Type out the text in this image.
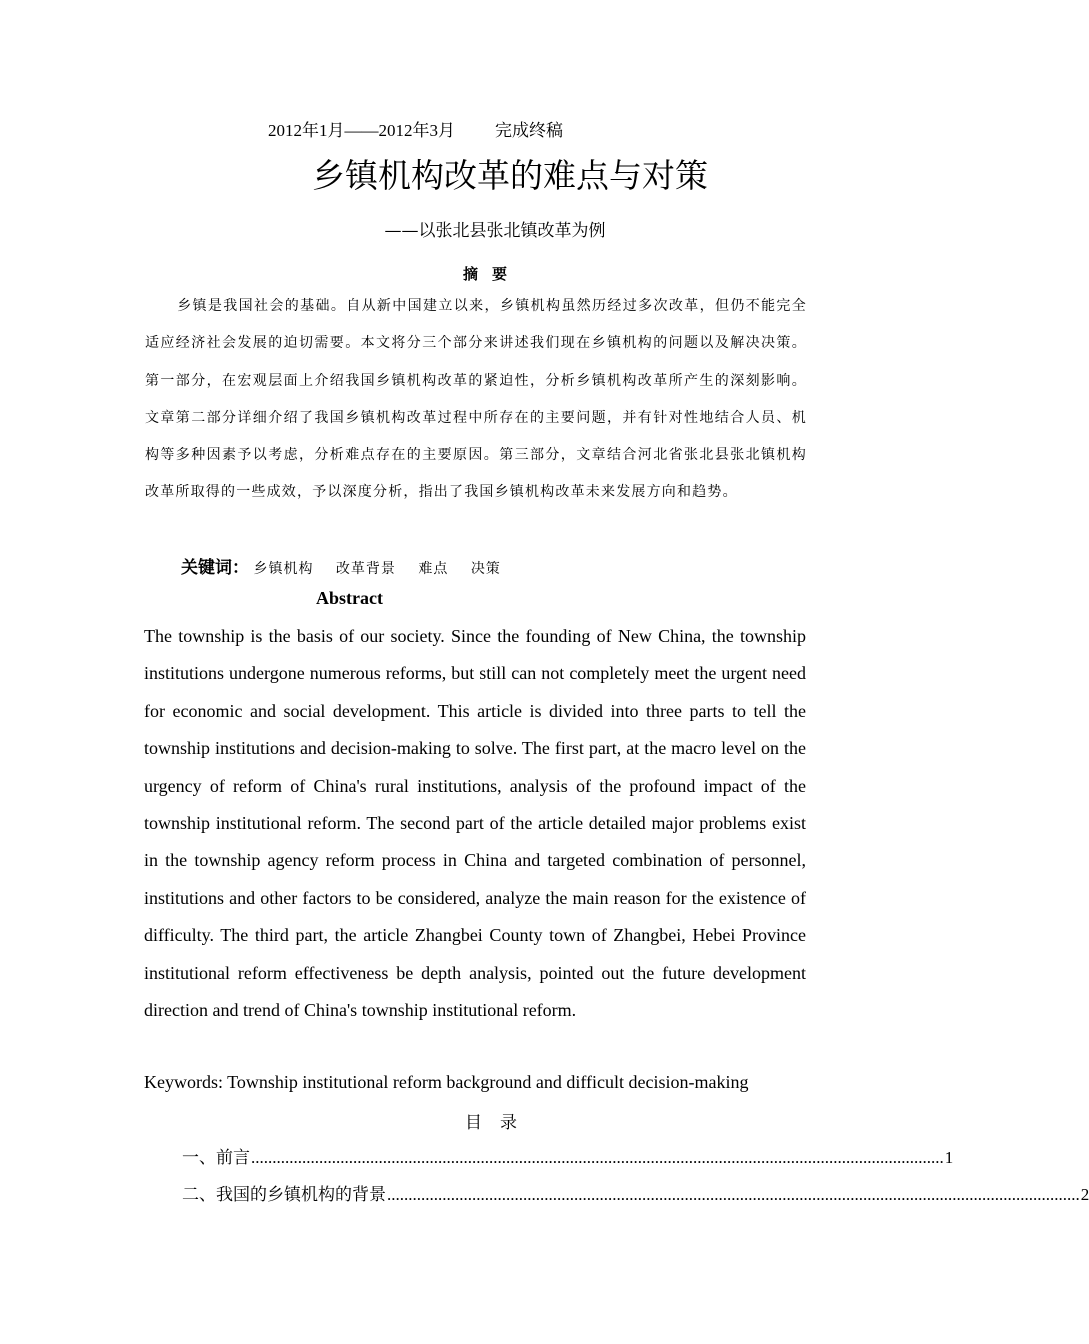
2012年1月——2012年3月 完成终稿
乡镇机构改革的难点与对策
——以张北县张北镇改革为例
摘要

乡镇是我国社会的基础。自从新中国建立以来，乡镇机构虽然历经过多次改革，但仍不能完全适应经济社会发展的迫切需要。本文将分三个部分来讲述我们现在乡镇机构的问题以及解决决策。第一部分，在宏观层面上介绍我国乡镇机构改革的紧迫性，分析乡镇机构改革所产生的深刻影响。文章第二部分详细介绍了我国乡镇机构改革过程中所存在的主要问题，并有针对性地结合人员、机构等多种因素予以考虑，分析难点存在的主要原因。第三部分，文章结合河北省张北县张北镇机构改革所取得的一些成效，予以深度分析，指出了我国乡镇机构改革未来发展方向和趋势。

关键词： 乡镇机构 改革背景 难点 决策
Abstract

The township is the basis of our society. Since the founding of New China, the township institutions undergone numerous reforms, but still can not completely meet the urgent need for economic and social development. This article is divided into three parts to tell the township institutions and decision-making to solve. The first part, at the macro level on the urgency of reform of China's rural institutions, analysis of the profound impact of the township institutional reform. The second part of the article detailed major problems exist in the township agency reform process in China and targeted combination of personnel, institutions and other factors to be considered, analyze the main reason for the existence of difficulty. The third part, the article Zhangbei County town of Zhangbei, Hebei Province institutional reform effectiveness be depth analysis, pointed out the future development direction and trend of China's township institutional reform.

Keywords: Township institutional reform background and difficult decision-making
目录
一、前言 ................................................................................................................................................................... 1
二、我国的乡镇机构的背景 ................................................................................................................................................................... 2
